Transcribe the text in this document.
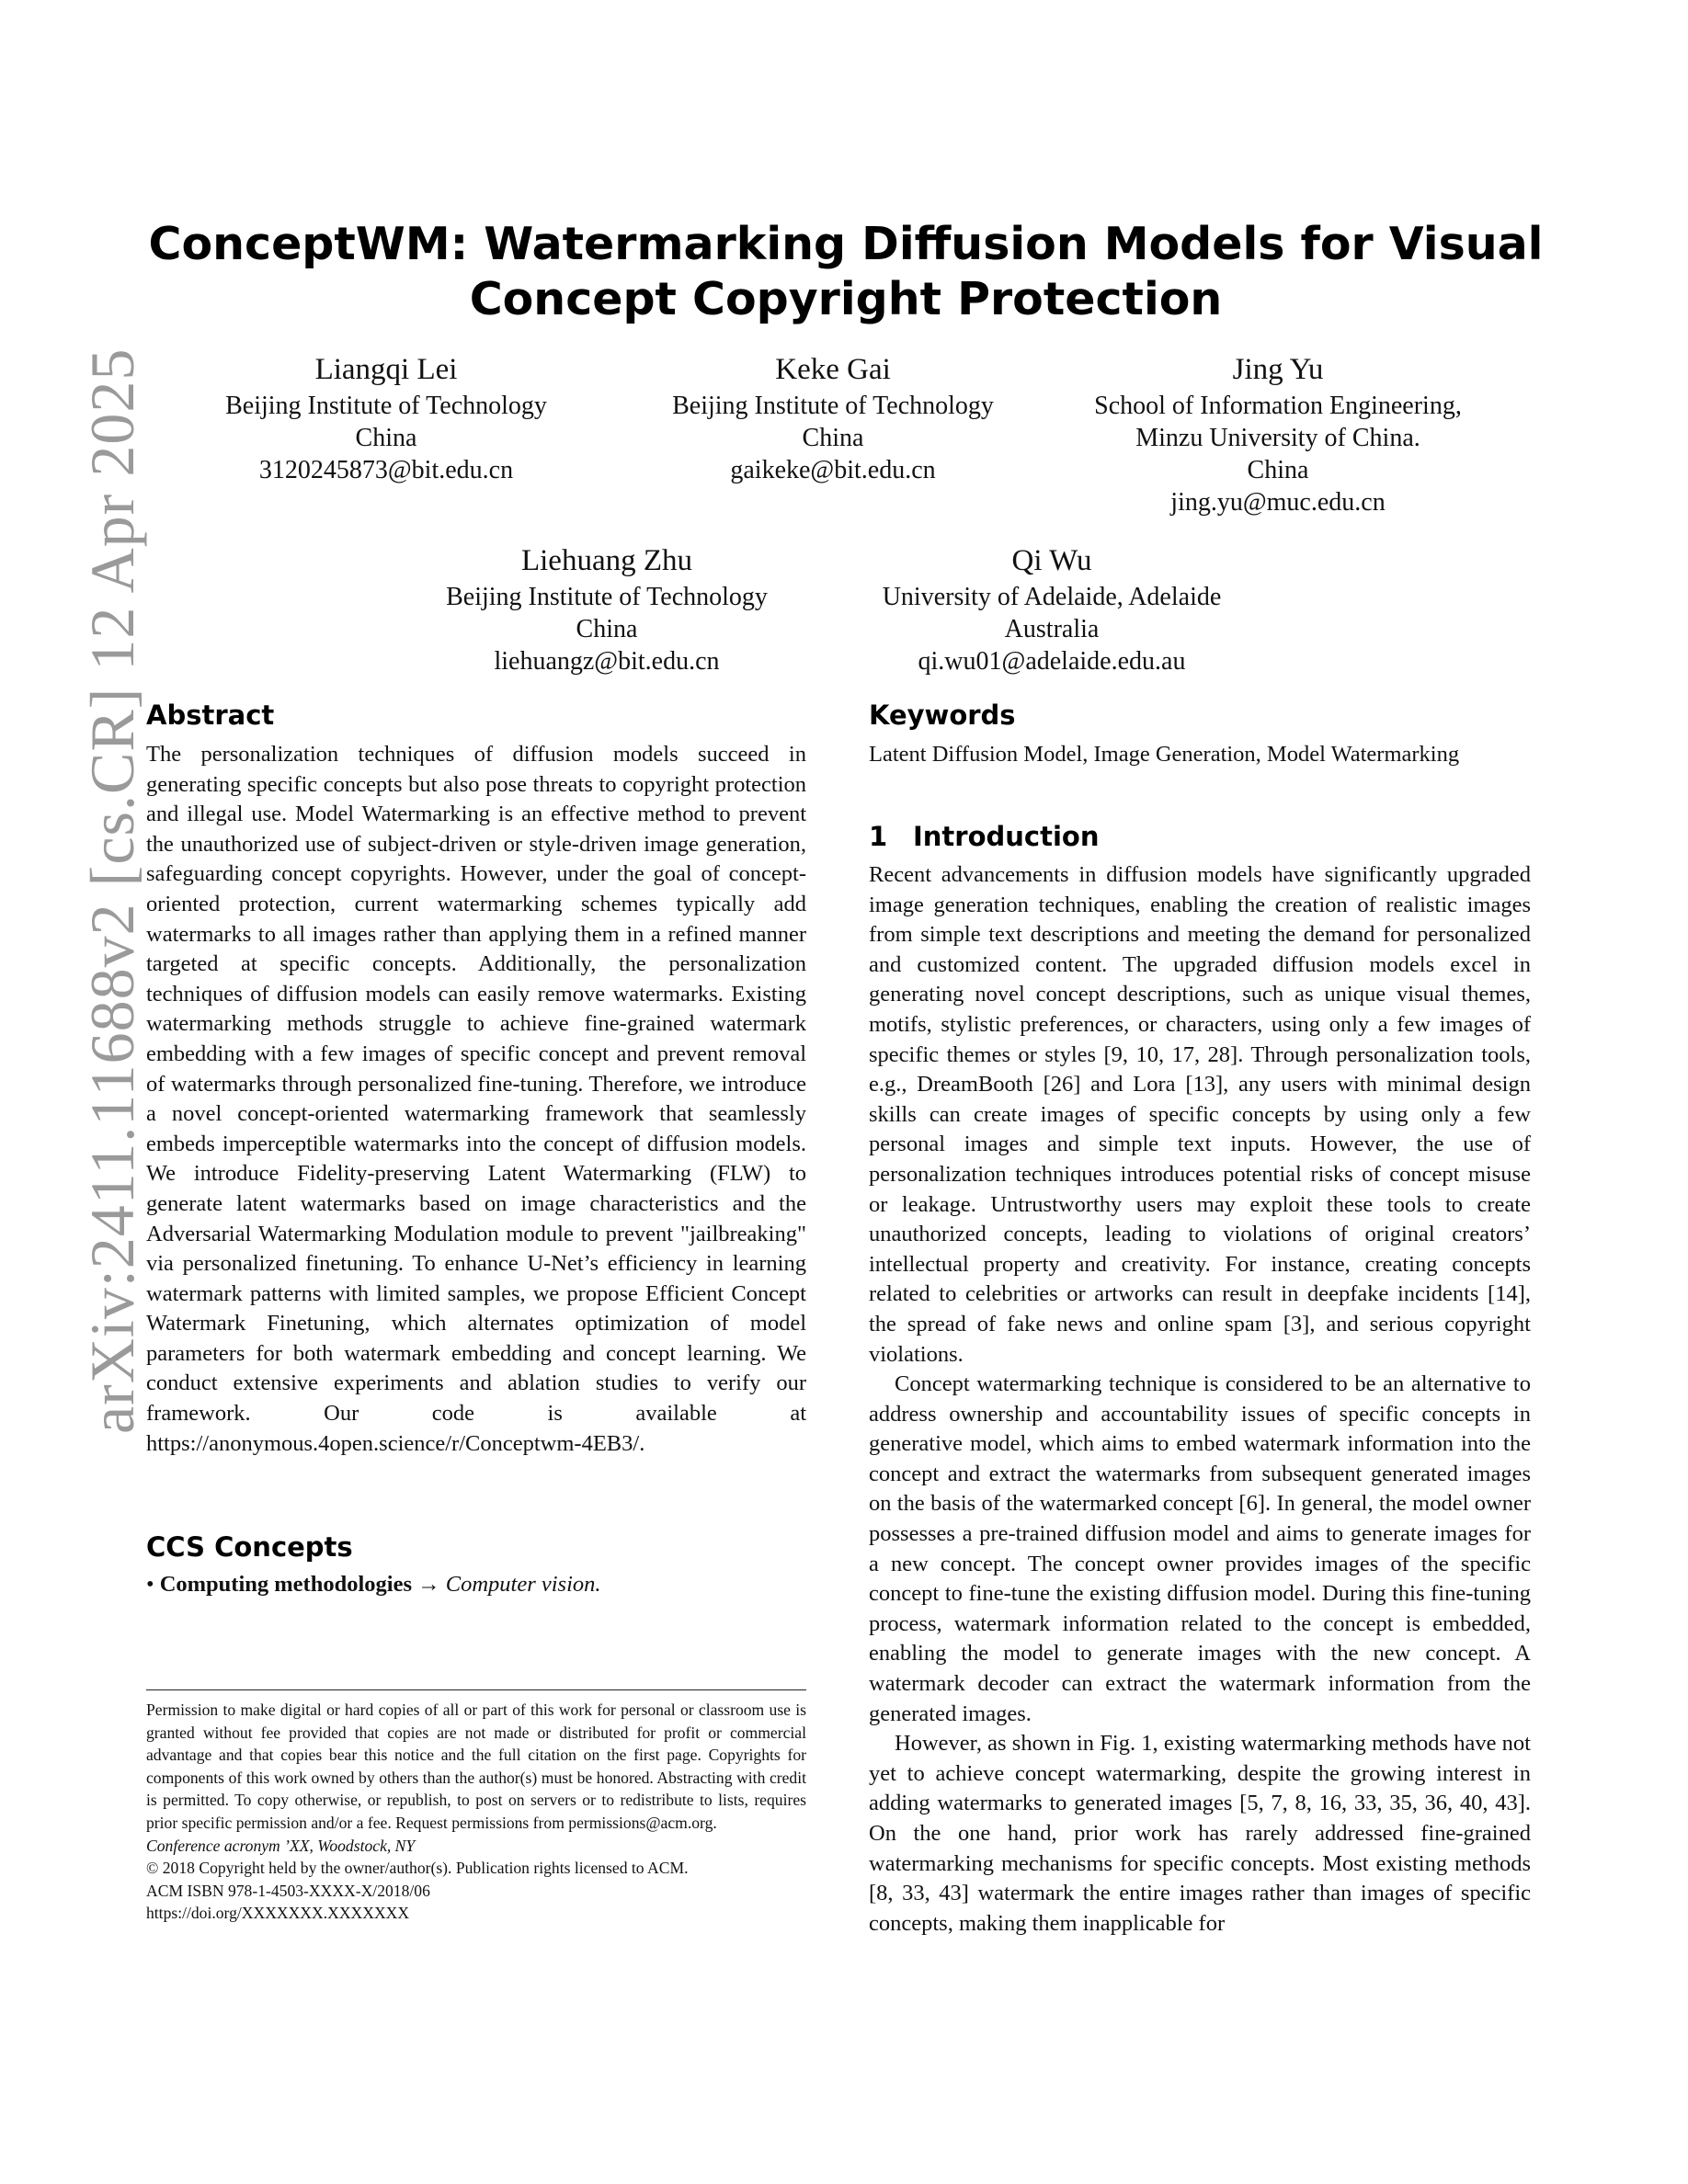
arXiv:2411.11688v2 [cs.CR] 12 Apr 2025
ConceptWM: Watermarking Diffusion Models for Visual Concept Copyright Protection
Liangqi Lei
Beijing Institute of Technology
China
3120245873@bit.edu.cn
Keke Gai
Beijing Institute of Technology
China
gaikeke@bit.edu.cn
Jing Yu
School of Information Engineering,
Minzu University of China.
China
jing.yu@muc.edu.cn
Liehuang Zhu
Beijing Institute of Technology
China
liehuangz@bit.edu.cn
Qi Wu
University of Adelaide, Adelaide
Australia
qi.wu01@adelaide.edu.au
Abstract

The personalization techniques of diffusion models succeed in generating specific concepts but also pose threats to copyright protection and illegal use. Model Watermarking is an effective method to prevent the unauthorized use of subject-driven or style-driven image generation, safeguarding concept copyrights. However, under the goal of concept-oriented protection, current watermarking schemes typically add watermarks to all images rather than applying them in a refined manner targeted at specific concepts. Additionally, the personalization techniques of diffusion models can easily remove watermarks. Existing watermarking methods struggle to achieve fine-grained watermark embedding with a few images of specific concept and prevent removal of watermarks through personalized fine-tuning. Therefore, we introduce a novel concept-oriented watermarking framework that seamlessly embeds imperceptible watermarks into the concept of diffusion models. We introduce Fidelity-preserving Latent Watermarking (FLW) to generate latent watermarks based on image characteristics and the Adversarial Watermarking Modulation module to prevent "jailbreaking" via personalized finetuning. To enhance U-Net’s efficiency in learning watermark patterns with limited samples, we propose Efficient Concept Watermark Finetuning, which alternates optimization of model parameters for both watermark embedding and concept learning. We conduct extensive experiments and ablation studies to verify our framework. Our code is available at https://anonymous.4open.science/r/Conceptwm-4EB3/.

CCS Concepts
• Computing methodologies → Computer vision.

Permission to make digital or hard copies of all or part of this work for personal or classroom use is granted without fee provided that copies are not made or distributed for profit or commercial advantage and that copies bear this notice and the full citation on the first page. Copyrights for components of this work owned by others than the author(s) must be honored. Abstracting with credit is permitted. To copy otherwise, or republish, to post on servers or to redistribute to lists, requires prior specific permission and/or a fee. Request permissions from permissions@acm.org.

Conference acronym ’XX, Woodstock, NY

© 2018 Copyright held by the owner/author(s). Publication rights licensed to ACM.

ACM ISBN 978-1-4503-XXXX-X/2018/06

https://doi.org/XXXXXXX.XXXXXXX

Keywords
Latent Diffusion Model, Image Generation, Model Watermarking
1 Introduction

Recent advancements in diffusion models have significantly upgraded image generation techniques, enabling the creation of realistic images from simple text descriptions and meeting the demand for personalized and customized content. The upgraded diffusion models excel in generating novel concept descriptions, such as unique visual themes, motifs, stylistic preferences, or characters, using only a few images of specific themes or styles [9, 10, 17, 28]. Through personalization tools, e.g., DreamBooth [26] and Lora [13], any users with minimal design skills can create images of specific concepts by using only a few personal images and simple text inputs. However, the use of personalization techniques introduces potential risks of concept misuse or leakage. Untrustworthy users may exploit these tools to create unauthorized concepts, leading to violations of original creators’ intellectual property and creativity. For instance, creating concepts related to celebrities or artworks can result in deepfake incidents [14], the spread of fake news and online spam [3], and serious copyright violations.

Concept watermarking technique is considered to be an alternative to address ownership and accountability issues of specific concepts in generative model, which aims to embed watermark information into the concept and extract the watermarks from subsequent generated images on the basis of the watermarked concept [6]. In general, the model owner possesses a pre-trained diffusion model and aims to generate images for a new concept. The concept owner provides images of the specific concept to fine-tune the existing diffusion model. During this fine-tuning process, watermark information related to the concept is embedded, enabling the model to generate images with the new concept. A watermark decoder can extract the watermark information from the generated images.

However, as shown in Fig. 1, existing watermarking methods have not yet to achieve concept watermarking, despite the growing interest in adding watermarks to generated images [5, 7, 8, 16, 33, 35, 36, 40, 43]. On the one hand, prior work has rarely addressed fine-grained watermarking mechanisms for specific concepts. Most existing methods [8, 33, 43] watermark the entire images rather than images of specific concepts, making them inapplicable for
